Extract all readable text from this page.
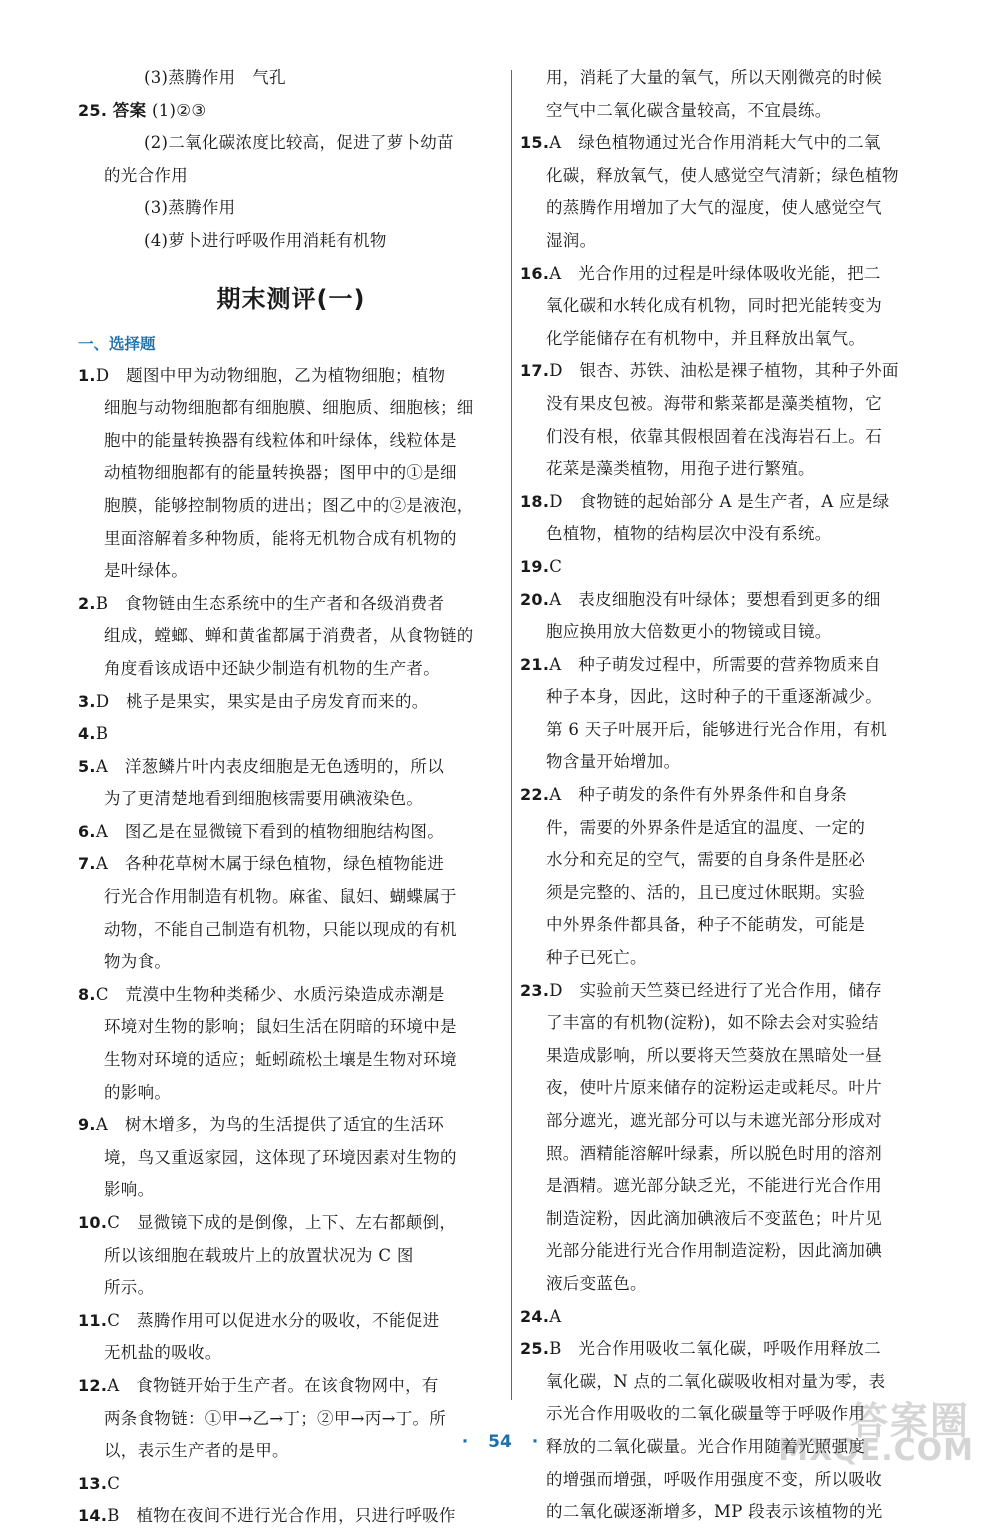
(3)蒸腾作用　气孔
25. 答案 (1)②③
(2)二氧化碳浓度比较高，促进了萝卜幼苗
的光合作用
(3)蒸腾作用
(4)萝卜进行呼吸作用消耗有机物
期末测评(一)
一、选择题
1.D　题图中甲为动物细胞，乙为植物细胞；植物
细胞与动物细胞都有细胞膜、细胞质、细胞核；细
胞中的能量转换器有线粒体和叶绿体，线粒体是
动植物细胞都有的能量转换器；图甲中的①是细
胞膜，能够控制物质的进出；图乙中的②是液泡，
里面溶解着多种物质，能将无机物合成有机物的
是叶绿体。
2.B　食物链由生态系统中的生产者和各级消费者
组成，螳螂、蝉和黄雀都属于消费者，从食物链的
角度看该成语中还缺少制造有机物的生产者。
3.D　桃子是果实，果实是由子房发育而来的。
4.B
5.A　洋葱鳞片叶内表皮细胞是无色透明的，所以
为了更清楚地看到细胞核需要用碘液染色。
6.A　图乙是在显微镜下看到的植物细胞结构图。
7.A　各种花草树木属于绿色植物，绿色植物能进
行光合作用制造有机物。麻雀、鼠妇、蝴蝶属于
动物，不能自己制造有机物，只能以现成的有机
物为食。
8.C　荒漠中生物种类稀少、水质污染造成赤潮是
环境对生物的影响；鼠妇生活在阴暗的环境中是
生物对环境的适应；蚯蚓疏松土壤是生物对环境
的影响。
9.A　树木增多，为鸟的生活提供了适宜的生活环
境，鸟又重返家园，这体现了环境因素对生物的
影响。
10.C　显微镜下成的是倒像，上下、左右都颠倒，
所以该细胞在载玻片上的放置状况为 C 图
所示。
11.C　蒸腾作用可以促进水分的吸收，不能促进
无机盐的吸收。
12.A　食物链开始于生产者。在该食物网中，有
两条食物链：①甲→乙→丁；②甲→丙→丁。所
以，表示生产者的是甲。
13.C
14.B　植物在夜间不进行光合作用，只进行呼吸作
用，消耗了大量的氧气，所以天刚微亮的时候
空气中二氧化碳含量较高，不宜晨练。
15.A　绿色植物通过光合作用消耗大气中的二氧
化碳，释放氧气，使人感觉空气清新；绿色植物
的蒸腾作用增加了大气的湿度，使人感觉空气
湿润。
16.A　光合作用的过程是叶绿体吸收光能，把二
氧化碳和水转化成有机物，同时把光能转变为
化学能储存在有机物中，并且释放出氧气。
17.D　银杏、苏铁、油松是裸子植物，其种子外面
没有果皮包被。海带和紫菜都是藻类植物，它
们没有根，依靠其假根固着在浅海岩石上。石
花菜是藻类植物，用孢子进行繁殖。
18.D　食物链的起始部分 A 是生产者，A 应是绿
色植物，植物的结构层次中没有系统。
19.C
20.A　表皮细胞没有叶绿体；要想看到更多的细
胞应换用放大倍数更小的物镜或目镜。
21.A　种子萌发过程中，所需要的营养物质来自
种子本身，因此，这时种子的干重逐渐减少。
第 6 天子叶展开后，能够进行光合作用，有机
物含量开始增加。
22.A　种子萌发的条件有外界条件和自身条
件，需要的外界条件是适宜的温度、一定的
水分和充足的空气，需要的自身条件是胚必
须是完整的、活的，且已度过休眠期。实验
中外界条件都具备，种子不能萌发，可能是
种子已死亡。
23.D　实验前天竺葵已经进行了光合作用，储存
了丰富的有机物(淀粉)，如不除去会对实验结
果造成影响，所以要将天竺葵放在黑暗处一昼
夜，使叶片原来储存的淀粉运走或耗尽。叶片
部分遮光，遮光部分可以与未遮光部分形成对
照。酒精能溶解叶绿素，所以脱色时用的溶剂
是酒精。遮光部分缺乏光，不能进行光合作用
制造淀粉，因此滴加碘液后不变蓝色；叶片见
光部分能进行光合作用制造淀粉，因此滴加碘
液后变蓝色。
24.A
25.B　光合作用吸收二氧化碳，呼吸作用释放二
氧化碳，N 点的二氧化碳吸收相对量为零，表
示光合作用吸收的二氧化碳量等于呼吸作用
释放的二氧化碳量。光合作用随着光照强度
的增强而增强，呼吸作用强度不变，所以吸收
的二氧化碳逐渐增多，MP 段表示该植物的光
· 54 ·	答案圈
MXQE.COM
